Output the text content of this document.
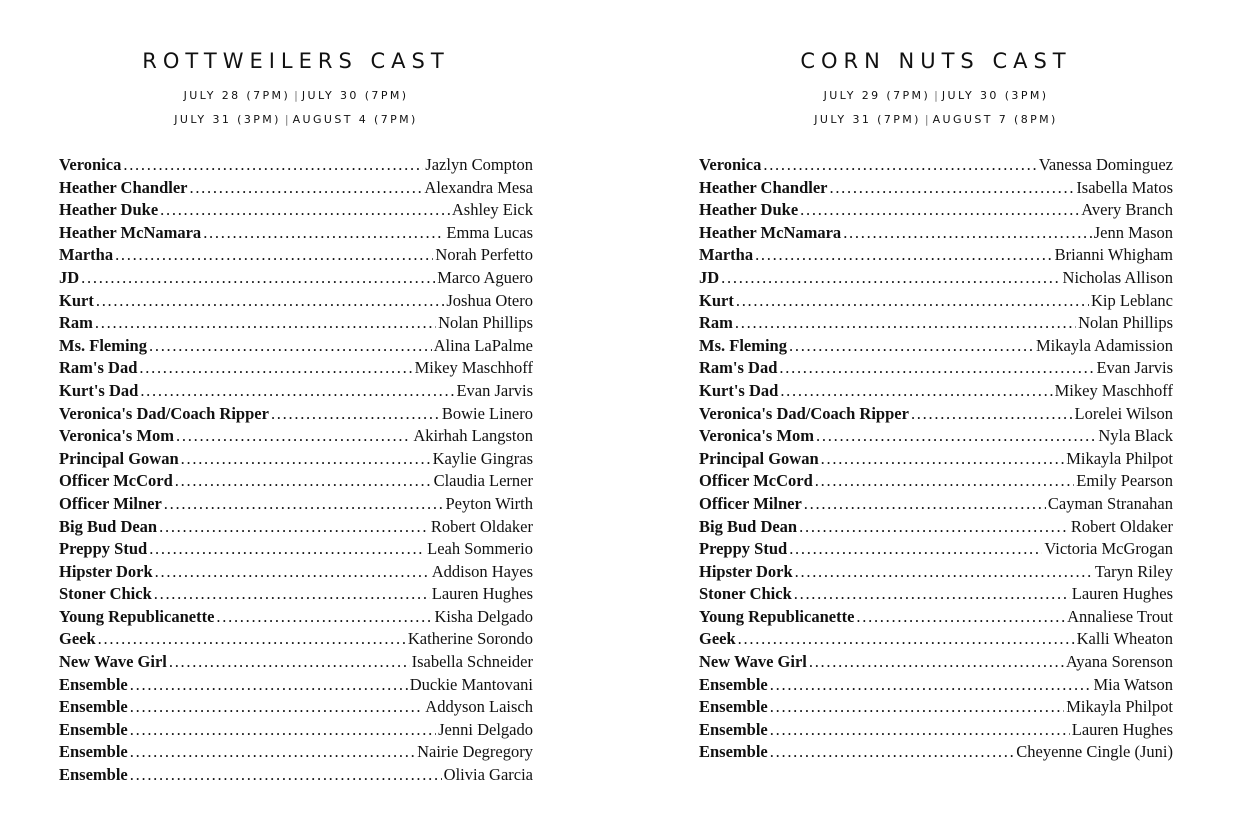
ROTTWEILERS CAST
JULY 28 (7PM) | JULY 30 (7PM)
JULY 31 (3PM) | AUGUST 4 (7PM)
Veronica . . .	Jazlyn Compton
Heather Chandler . . .	Alexandra Mesa
Heather Duke . . .	Ashley Eick
Heather McNamara . . .	Emma Lucas
Martha . . .	Norah Perfetto
JD . . .	Marco Aguero
Kurt . . .	Joshua Otero
Ram . . .	Nolan Phillips
Ms. Fleming . . .	Alina LaPalme
Ram's Dad . . .	Mikey Maschhoff
Kurt's Dad . . .	Evan Jarvis
Veronica's Dad/Coach Ripper . . .	Bowie Linero
Veronica's Mom . . .	Akirhah Langston
Principal Gowan . . .	Kaylie Gingras
Officer McCord . . .	Claudia Lerner
Officer Milner . . .	Peyton Wirth
Big Bud Dean . . .	Robert Oldaker
Preppy Stud . . .	Leah Sommerio
Hipster Dork . . .	Addison Hayes
Stoner Chick . . .	Lauren Hughes
Young Republicanette . . .	Kisha Delgado
Geek . . .	Katherine Sorondo
New Wave Girl . . .	Isabella Schneider
Ensemble . . .	Duckie Mantovani
Ensemble . . .	Addyson Laisch
Ensemble . . .	Jenni Delgado
Ensemble . . .	Nairie Degregory
Ensemble . . .	Olivia Garcia
CORN NUTS CAST
JULY 29 (7PM) | JULY 30 (3PM)
JULY 31 (7PM) | AUGUST 7 (8PM)
Veronica . . .	Vanessa Dominguez
Heather Chandler . . .	Isabella Matos
Heather Duke . . .	Avery Branch
Heather McNamara . . .	Jenn Mason
Martha . . .	Brianni Whigham
JD . . .	Nicholas Allison
Kurt . . .	Kip Leblanc
Ram . . .	Nolan Phillips
Ms. Fleming . . .	Mikayla Adamission
Ram's Dad . . .	Evan Jarvis
Kurt's Dad . . .	Mikey Maschhoff
Veronica's Dad/Coach Ripper . . .	Lorelei Wilson
Veronica's Mom . . .	Nyla Black
Principal Gowan . . .	Mikayla Philpot
Officer McCord . . .	Emily Pearson
Officer Milner . . .	Cayman Stranahan
Big Bud Dean . . .	Robert Oldaker
Preppy Stud . . .	Victoria McGrogan
Hipster Dork . . .	Taryn Riley
Stoner Chick . . .	Lauren Hughes
Young Republicanette . . .	Annaliese Trout
Geek . . .	Kalli Wheaton
New Wave Girl . . .	Ayana Sorenson
Ensemble . . .	Mia Watson
Ensemble . . .	Mikayla Philpot
Ensemble . . .	Lauren Hughes
Ensemble . . .	Cheyenne Cingle (Juni)
